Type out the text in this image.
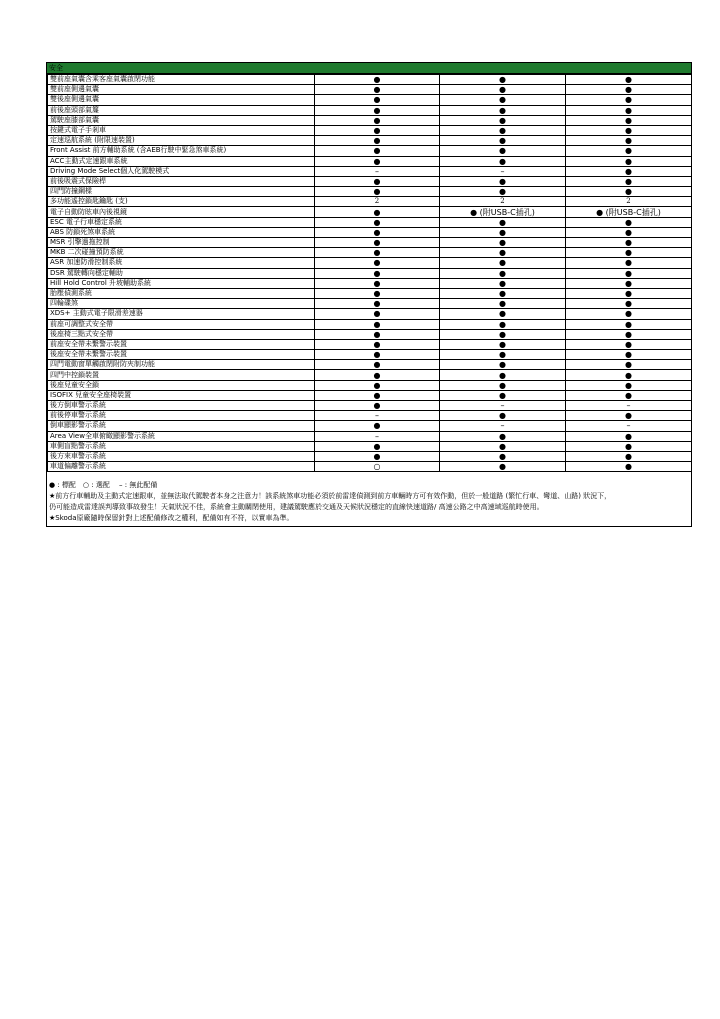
安全
雙前座氣囊含乘客座氣囊啟閉功能	●	●	●
雙前座側邊氣囊	●	●	●
雙後座側邊氣囊	●	●	●
前後座頭部氣簾	●	●	●
駕駛座膝部氣囊	●	●	●
按鍵式電子手剎車	●	●	●
定速巡航系統 (附限速裝置)	●	●	●
Front Assist 前方輔助系統 (含AEB行駛中緊急煞車系統)	●	●	●
ACC主動式定速跟車系統	●	●	●
Driving Mode Select個人化駕駛模式	–	–	●
前後吸震式保險桿	●	●	●
四門防撞鋼樑	●	●	●
多功能遙控鎖匙鑰匙 (支)	2	2	2
電子自動防眩車內後視鏡	●	● (附USB-C插孔)	● (附USB-C插孔)
ESC 電子行車穩定系統	●	●	●
ABS 防鎖死煞車系統	●	●	●
MSR 引擎過拖控制	●	●	●
MKB 二次碰撞預防系統	●	●	●
ASR 加速防滑控制系統	●	●	●
DSR 駕駛轉向穩定輔助	●	●	●
Hill Hold Control 升坡輔助系統	●	●	●
胎壓偵測系統	●	●	●
四輪碟煞	●	●	●
XDS+ 主動式電子限滑差速器	●	●	●
前座可調整式安全帶	●	●	●
後座椅三點式安全帶	●	●	●
前座安全帶未繫警示裝置	●	●	●
後座安全帶未繫警示裝置	●	●	●
四門電動窗單觸啟閉附防夾制功能	●	●	●
四門中控鎖裝置	●	●	●
後座兒童安全鎖	●	●	●
ISOFIX 兒童安全座椅裝置	●	●	●
後方倒車警示系統	●	–	–
前後停車警示系統	–	●	●
倒車顯影警示系統	●	–	–
Area View全車俯瞰顯影警示系統	–	●	●
車側盲點警示系統	●	●	●
後方來車警示系統	●	●	●
車道偏離警示系統	○	●	●
● : 標配　○ : 選配　 – : 無此配備
★前方行車輔助及主動式定速跟車，並無法取代駕駛者本身之注意力！該系統煞車功能必須於前雷達偵測到前方車輛時方可有效作動，但於一般道路 (繁忙行車、彎道、山路) 狀況下，
仍可能造成雷達誤判導致事故發生！天氣狀況不佳，系統會主動關閉使用，建議駕駛應於交通及天候狀況穩定的直線快速道路/ 高速公路之中高速域巡航時使用。
★Skoda原廠隨時保留針對上述配備修改之權利，配備如有不符，以實車為準。
